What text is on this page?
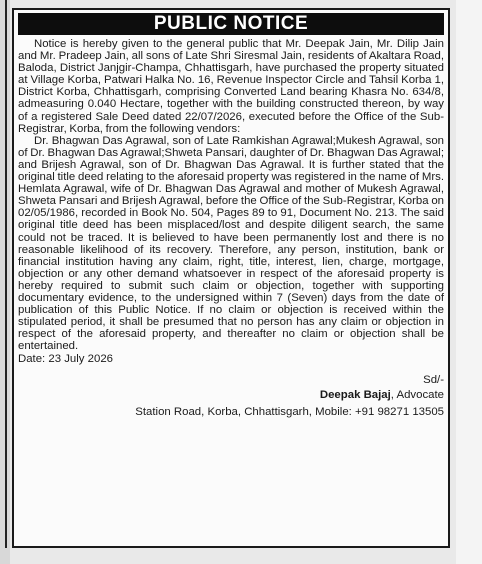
PUBLIC NOTICE

Notice is hereby given to the general public that Mr. Deepak Jain, Mr. Dilip Jain and Mr. Pradeep Jain, all sons of Late Shri Siresmal Jain, residents of Akaltara Road, Baloda, District Janjgir-Champa, Chhattisgarh, have purchased the property situated at Village Korba, Patwari Halka No. 16, Revenue Inspector Circle and Tahsil Korba 1, District Korba, Chhattisgarh, comprising Converted Land bearing Khasra No. 634/8, admeasuring 0.040 Hectare, together with the building constructed thereon, by way of a registered Sale Deed dated 22/07/2026, executed before the Office of the Sub-Registrar, Korba, from the following vendors:

Dr. Bhagwan Das Agrawal, son of Late Ramkishan Agrawal;Mukesh Agrawal, son of Dr. Bhagwan Das Agrawal;Shweta Pansari, daughter of Dr. Bhagwan Das Agrawal; and Brijesh Agrawal, son of Dr. Bhagwan Das Agrawal. It is further stated that the original title deed relating to the aforesaid property was registered in the name of Mrs. Hemlata Agrawal, wife of Dr. Bhagwan Das Agrawal and mother of Mukesh Agrawal, Shweta Pansari and Brijesh Agrawal, before the Office of the Sub-Registrar, Korba on 02/05/1986, recorded in Book No. 504, Pages 89 to 91, Document No. 213. The said original title deed has been misplaced/lost and despite diligent search, the same could not be traced. It is believed to have been permanently lost and there is no reasonable likelihood of its recovery. Therefore, any person, institution, bank or financial institution having any claim, right, title, interest, lien, charge, mortgage, objection or any other demand whatsoever in respect of the aforesaid property is hereby required to submit such claim or objection, together with supporting documentary evidence, to the undersigned within 7 (Seven) days from the date of publication of this Public Notice. If no claim or objection is received within the stipulated period, it shall be presumed that no person has any claim or objection in respect of the aforesaid property, and thereafter no claim or objection shall be entertained.

Date: 23 July 2026
Sd/-
Deepak Bajaj, Advocate
Station Road, Korba, Chhattisgarh, Mobile: +91 98271 13505
